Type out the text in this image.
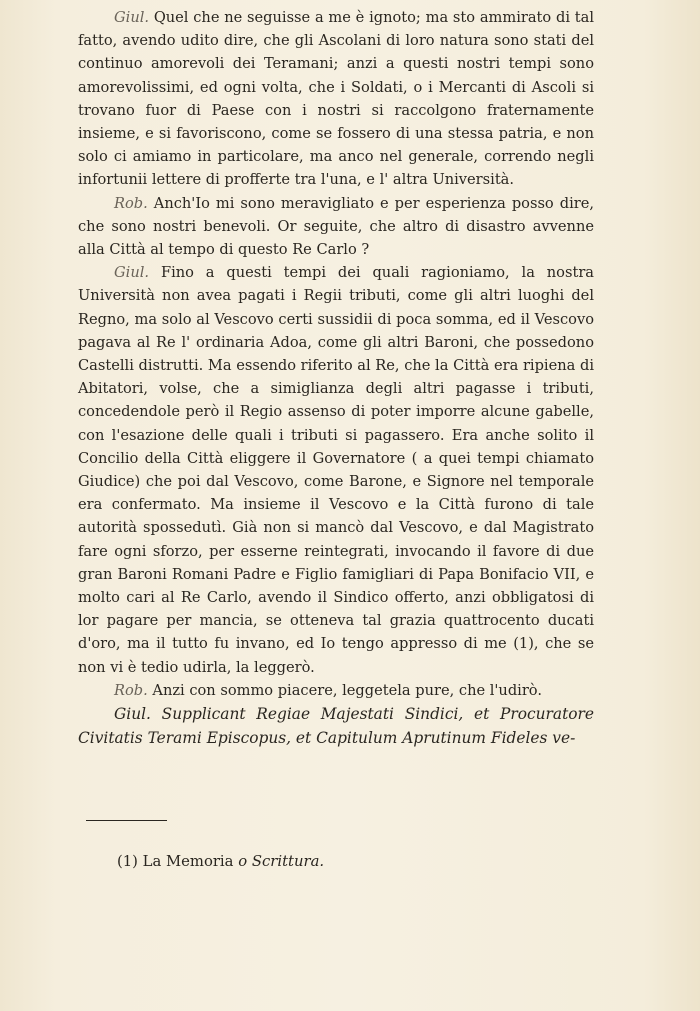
Giul. Quel che ne seguisse a me è ignoto; ma sto ammirato di tal fatto, avendo udito dire, che gli Ascolani di loro natura sono stati del continuo amorevoli dei Teramani; anzi a questi nostri tempi sono amorevolissimi, ed ogni volta, che i Soldati, o i Mercanti di Ascoli si trovano fuor di Paese con i nostri si raccolgono fraternamente insieme, e si favoriscono, come se fossero di una stessa patria, e non solo ci amiamo in particolare, ma anco nel generale, correndo negli infortunii lettere di profferte tra l'una, e l' altra Università.

Rob. Anch'Io mi sono meravigliato e per esperienza posso dire, che sono nostri benevoli. Or seguite, che altro di disastro avvenne alla Città al tempo di questo Re Carlo ?

Giul. Fino a questi tempi dei quali ragioniamo, la nostra Università non avea pagati i Regii tributi, come gli altri luoghi del Regno, ma solo al Vescovo certi sussidii di poca somma, ed il Vescovo pagava al Re l' ordinaria Adoa, come gli altri Baroni, che possedono Castelli distrutti. Ma essendo riferito al Re, che la Città era ripiena di Abitatori, volse, che a simiglianza degli altri pagasse i tributi, concedendole però il Regio assenso di poter imporre alcune gabelle, con l'esazione delle quali i tributi si pagassero. Era anche solito il Concilio della Città eliggere il Governatore ( a quei tempi chiamato Giudice) che poi dal Vescovo, come Barone, e Signore nel temporale era confermato. Ma insieme il Vescovo e la Città furono di tale autorità spossedutì. Già non si mancò dal Vescovo, e dal Magistrato fare ogni sforzo, per esserne reintegrati, invocando il favore di due gran Baroni Romani Padre e Figlio famigliari di Papa Bonifacio VII, e molto cari al Re Carlo, avendo il Sindico offerto, anzi obbligatosi di lor pagare per mancia, se otteneva tal grazia quattrocento ducati d'oro, ma il tutto fu invano, ed Io tengo appresso di me (1), che se non vi è tedio udirla, la leggerò.

Rob. Anzi con sommo piacere, leggetela pure, che l'udirò.

Giul. Supplicant Regiae Majestati Sindici, et Procuratore Civitatis Terami Episcopus, et Capitulum Aprutinum Fideles ve-

(1) La Memoria o Scrittura.
